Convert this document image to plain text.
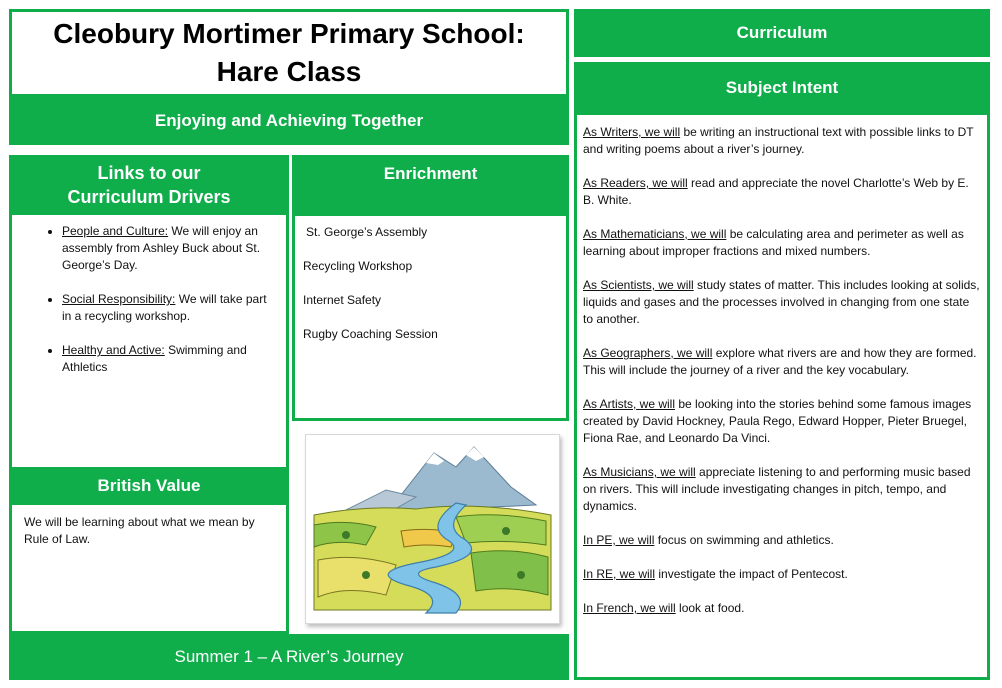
Cleobury Mortimer Primary School:
Hare Class
Enjoying and Achieving Together
Links to our
Curriculum Drivers
• People and Culture: We will enjoy an assembly from Ashley Buck about St. George’s Day.
• Social Responsibility: We will take part in a recycling workshop.
• Healthy and Active: Swimming and Athletics
British Value
We will be learning about what we mean by Rule of Law.
Enrichment
St. George’s Assembly
Recycling Workshop
Internet Safety
Rugby Coaching Session
Summer 1 – A River’s Journey
Curriculum
Subject Intent

As Writers, we will be writing an instructional text with possible links to DT and writing poems about a river’s journey.

As Readers, we will read and appreciate the novel Charlotte’s Web by E. B. White.

As Mathematicians, we will be calculating area and perimeter as well as learning about improper fractions and mixed numbers.

As Scientists, we will study states of matter. This includes looking at solids, liquids and gases and the processes involved in changing from one state to another.

As Geographers, we will explore what rivers are and how they are formed. This will include the journey of a river and the key vocabulary.

As Artists, we will be looking into the stories behind some famous images created by David Hockney, Paula Rego, Edward Hopper, Pieter Bruegel, Fiona Rae, and Leonardo Da Vinci.

As Musicians, we will appreciate listening to and performing music based on rivers. This will include investigating changes in pitch, tempo, and dynamics.

In PE, we will focus on swimming and athletics.

In RE, we will investigate the impact of Pentecost.

In French, we will look at food.
